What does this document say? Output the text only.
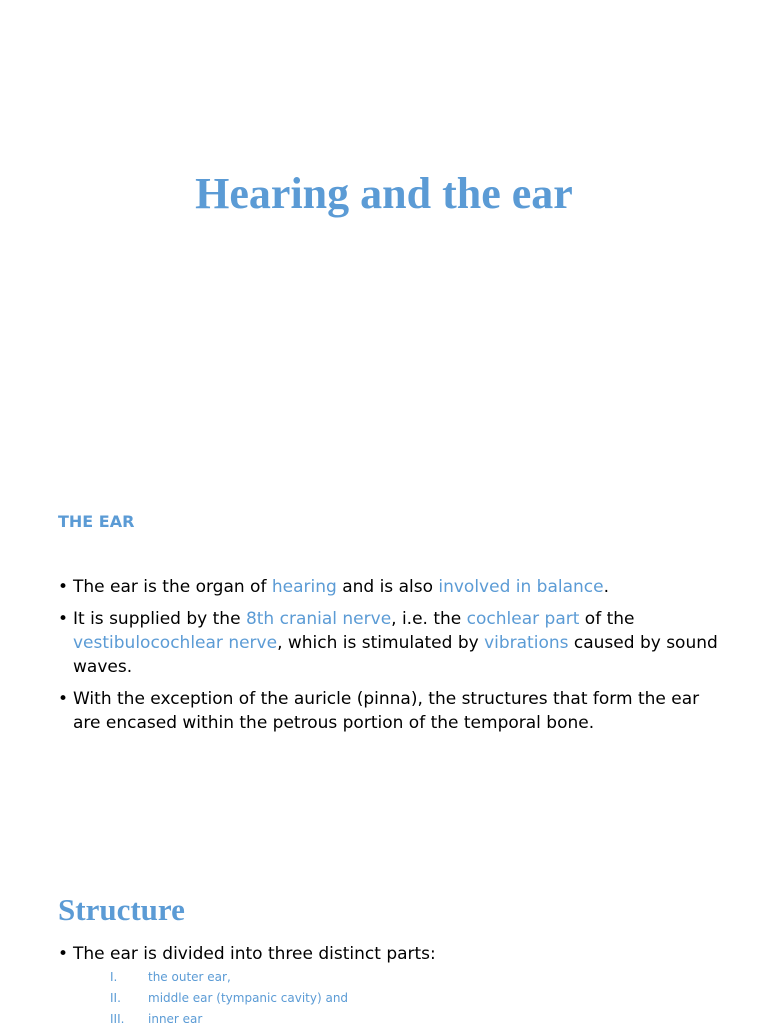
Hearing and the ear
THE EAR
• The ear is the organ of hearing and is also involved in balance.
• It is supplied by the 8th cranial nerve, i.e. the cochlear part of the vestibulocochlear nerve, which is stimulated by vibrations caused by sound waves.
• With the exception of the auricle (pinna), the structures that form the ear are encased within the petrous portion of the temporal bone.
Structure
• The ear is divided into three distinct parts:
I.	the outer ear,
II.	middle ear (tympanic cavity) and
III.	inner ear
